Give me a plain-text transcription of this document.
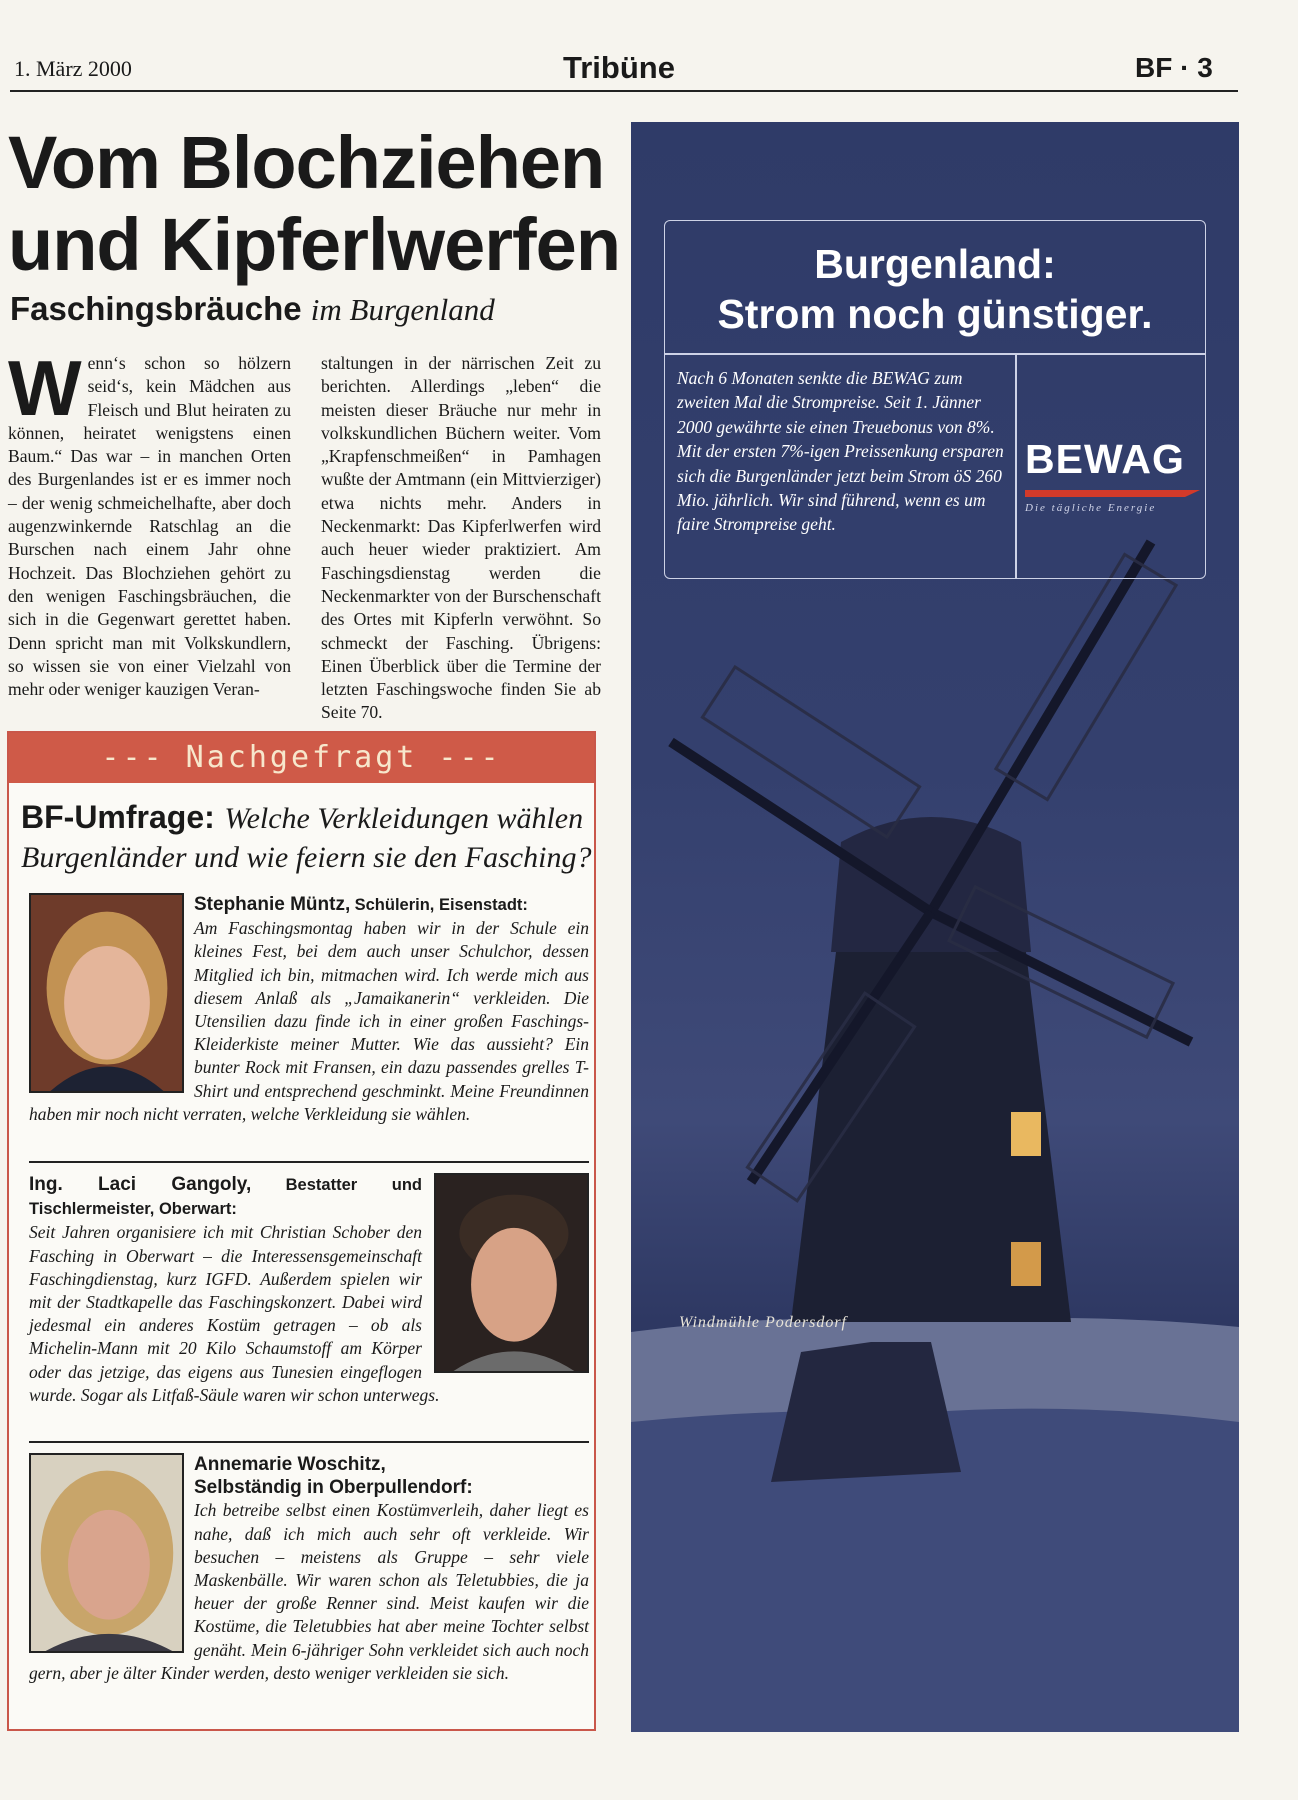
1. März 2000	Tribüne	BF · 3
Vom Blochziehen und Kipferlwerfen
Faschingsbräuche im Burgenland
Wenn‘s schon so hölzern seid‘s, kein Mädchen aus Fleisch und Blut heiraten zu können, heiratet wenigstens einen Baum.“ Das war – in manchen Orten des Burgenlandes ist er es immer noch – der wenig schmeichelhafte, aber doch augenzwinkernde Ratschlag an die Burschen nach einem Jahr ohne Hochzeit. Das Blochziehen gehört zu den wenigen Faschingsbräuchen, die sich in die Gegenwart gerettet haben. Denn spricht man mit Volkskundlern, so wissen sie von einer Vielzahl von mehr oder weniger kauzigen Veran-
staltungen in der närrischen Zeit zu berichten. Allerdings „leben“ die meisten dieser Bräuche nur mehr in volkskundlichen Büchern weiter. Vom „Krapfenschmeißen“ in Pamhagen wußte der Amtmann (ein Mittvierziger) etwa nichts mehr. Anders in Neckenmarkt: Das Kipferlwerfen wird auch heuer wieder praktiziert. Am Faschingsdienstag werden die Neckenmarkter von der Burschenschaft des Ortes mit Kipferln verwöhnt. So schmeckt der Fasching. Übrigens: Einen Überblick über die Termine der letzten Faschingswoche finden Sie ab Seite 70.
--- Nachgefragt ---
BF-Umfrage: Welche Verkleidungen wählen
Burgenländer und wie feiern sie den Fasching?
Stephanie Müntz, Schülerin, Eisenstadt:
Am Faschingsmontag haben wir in der Schule ein kleines Fest, bei dem auch unser Schulchor, dessen Mitglied ich bin, mitmachen wird. Ich werde mich aus diesem Anlaß als „Jamaikanerin“ verkleiden. Die Utensilien dazu finde ich in einer großen Faschings-Kleiderkiste meiner Mutter. Wie das aussieht? Ein bunter Rock mit Fransen, ein dazu passendes grelles T-Shirt und entsprechend geschminkt. Meine Freundinnen haben mir noch nicht verraten, welche Verkleidung sie wählen.
Ing. Laci Gangoly, Bestatter und Tischlermeister, Oberwart:
Seit Jahren organisiere ich mit Christian Schober den Fasching in Oberwart – die Interessensgemeinschaft Faschingdienstag, kurz IGFD. Außerdem spielen wir mit der Stadtkapelle das Faschingskonzert. Dabei wird jedesmal ein anderes Kostüm getragen – ob als Michelin-Mann mit 20 Kilo Schaumstoff am Körper oder das jetzige, das eigens aus Tunesien eingeflogen wurde. Sogar als Litfaß-Säule waren wir schon unterwegs.
Annemarie Woschitz,
Selbständig in Oberpullendorf:
Ich betreibe selbst einen Kostümverleih, daher liegt es nahe, daß ich mich auch sehr oft verkleide. Wir besuchen – meistens als Gruppe – sehr viele Maskenbälle. Wir waren schon als Teletubbies, die ja heuer der große Renner sind. Meist kaufen wir die Kostüme, die Teletubbies hat aber meine Tochter selbst genäht. Mein 6-jähriger Sohn verkleidet sich auch noch gern, aber je älter Kinder werden, desto weniger verkleiden sie sich.
Burgenland:
Strom noch günstiger.
Nach 6 Monaten senkte die BEWAG zum zweiten Mal die Strompreise. Seit 1. Jänner 2000 gewährte sie einen Treuebonus von 8%. Mit der ersten 7%-igen Preissenkung ersparen sich die Burgenländer jetzt beim Strom öS 260 Mio. jährlich. Wir sind führend, wenn es um faire Strompreise geht.
BEWAG
Die tägliche Energie
Windmühle Podersdorf
